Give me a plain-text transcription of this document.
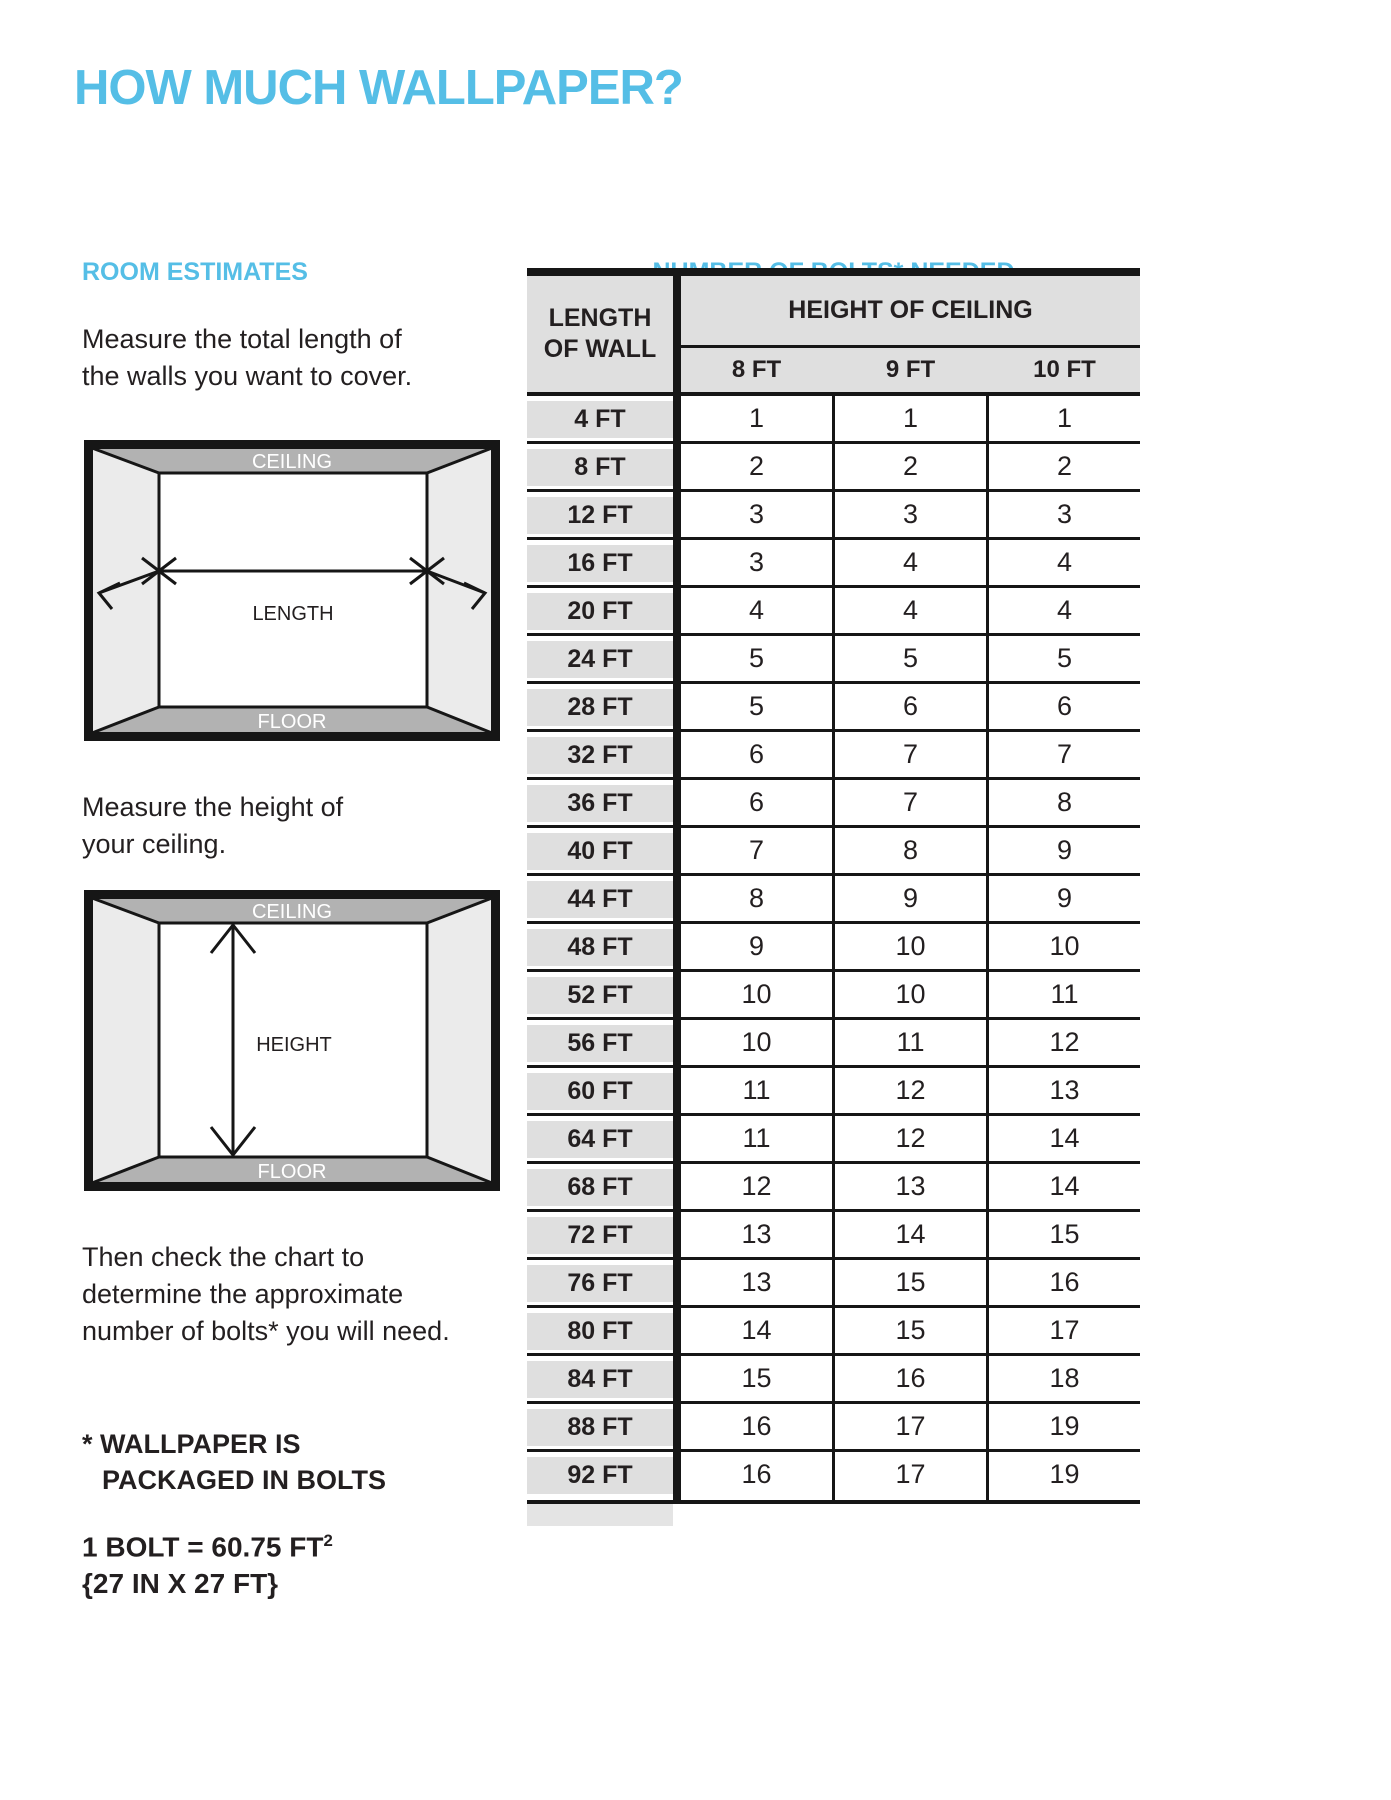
HOW MUCH WALLPAPER?
ROOM ESTIMATES
Measure the total length of
the walls you want to cover.
CEILING
FLOOR
LENGTH
Measure the height of
your ceiling.
CEILING
FLOOR
HEIGHT
Then check the chart to
determine the approximate
number of bolts* you will need.
* WALLPAPER IS
PACKAGED IN BOLTS
1 BOLT = 60.75 $FT^2$
{27 IN X 27 FT}
LENGTH
OF WALL
HEIGHT OF CEILING
8 FT	9 FT	10 FT
4 FT	1	1	1
8 FT	2	2	2
12 FT	3	3	3
16 FT	3	4	4
20 FT	4	4	4
24 FT	5	5	5
28 FT	5	6	6
32 FT	6	7	7
36 FT	6	7	8
40 FT	7	8	9
44 FT	8	9	9
48 FT	9	10	10
52 FT	10	10	11
56 FT	10	11	12
60 FT	11	12	13
64 FT	11	12	14
68 FT	12	13	14
72 FT	13	14	15
76 FT	13	15	16
80 FT	14	15	17
84 FT	15	16	18
88 FT	16	17	19
92 FT	16	17	19
